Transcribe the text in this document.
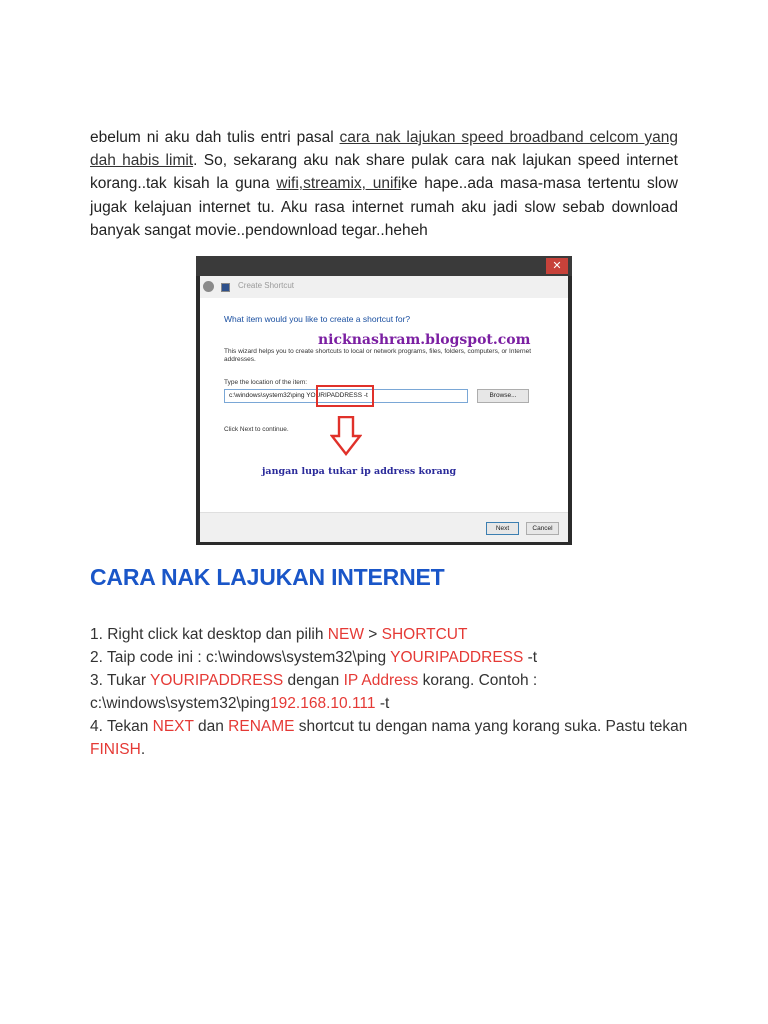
ebelum ni aku dah tulis entri pasal cara nak lajukan speed broadband celcom yang dah habis limit. So, sekarang aku nak share pulak cara nak lajukan speed internet korang..tak kisah la guna wifi,streamix, unifike hape..ada masa-masa tertentu slow jugak kelajuan internet tu. Aku rasa internet rumah aku jadi slow sebab download banyak sangat movie..pendownload tegar..heheh
✕
Create Shortcut
What item would you like to create a shortcut for?
nicknashram.blogspot.com
This wizard helps you to create shortcuts to local or network programs, files, folders, computers, or Internet addresses.
Type the location of the item:
c:\windows\system32\ping YOURIPADDRESS -t	Browse...
Click Next to continue.
jangan lupa tukar ip address korang
Next	Cancel
CARA NAK LAJUKAN INTERNET
1. Right click kat desktop dan pilih NEW > SHORTCUT
2. Taip code ini : c:\windows\system32\ping YOURIPADDRESS -t
3. Tukar YOURIPADDRESS dengan IP Address korang. Contoh :
c:\windows\system32\ping192.168.10.111 -t
4. Tekan NEXT dan RENAME shortcut tu dengan nama yang korang suka. Pastu tekan FINISH.
